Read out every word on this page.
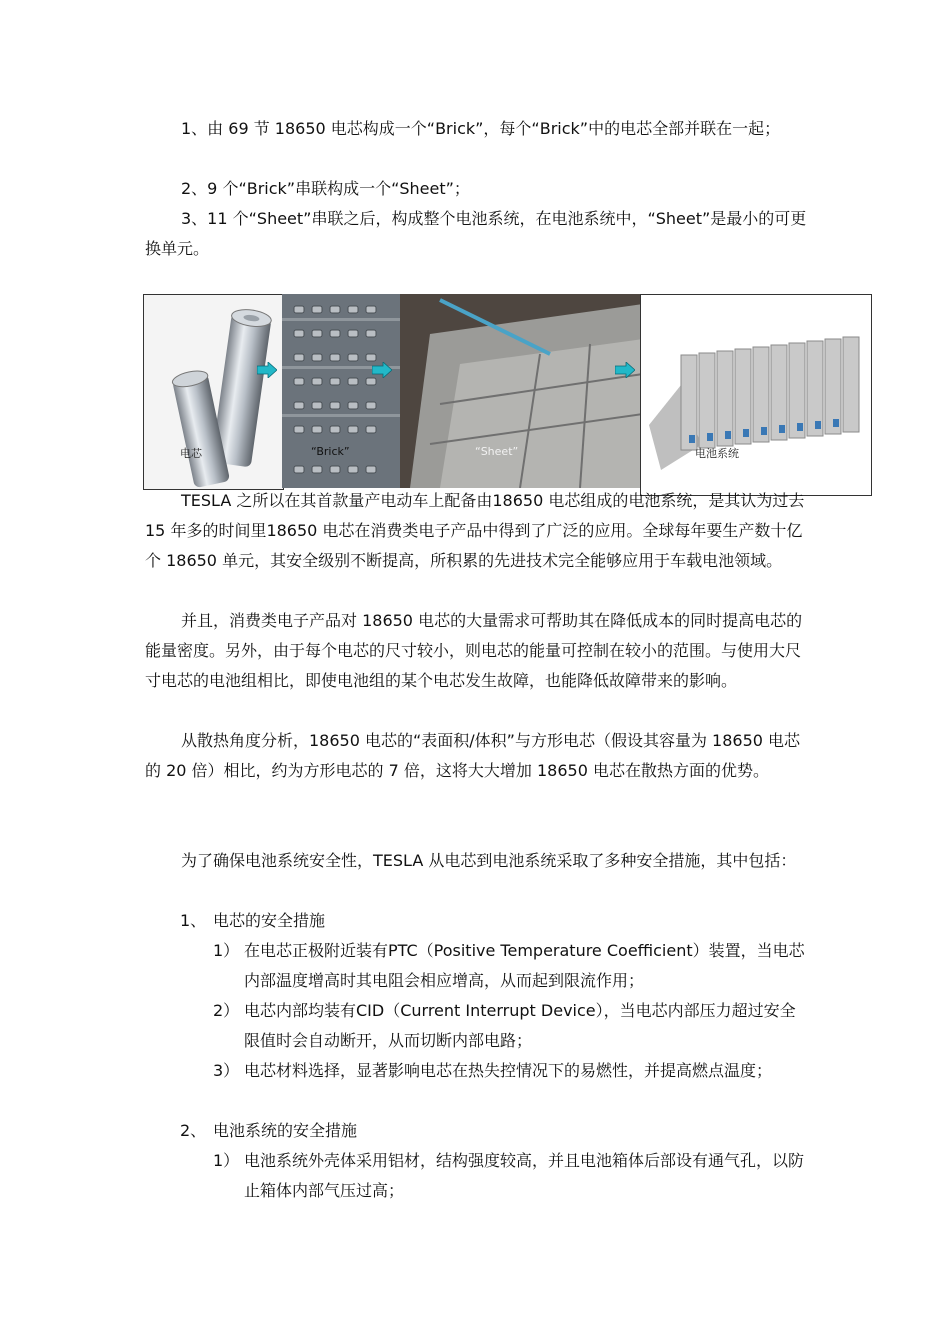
1、由 69 节 18650 电芯构成一个“Brick”，每个“Brick”中的电芯全部并联在一起；

2、9 个“Brick”串联构成一个“Sheet”；

3、11 个“Sheet”串联之后，构成整个电池系统，在电池系统中，“Sheet”是最小的可更换单元。

电芯	“Brick”	“Sheet”	电池系统

TESLA 之所以在其首款量产电动车上配备由18650 电芯组成的电池系统，是其认为过去15 年多的时间里18650 电芯在消费类电子产品中得到了广泛的应用。全球每年要生产数十亿个 18650 单元，其安全级别不断提高，所积累的先进技术完全能够应用于车载电池领域。

并且，消费类电子产品对 18650 电芯的大量需求可帮助其在降低成本的同时提高电芯的能量密度。另外，由于每个电芯的尺寸较小，则电芯的能量可控制在较小的范围。与使用大尺寸电芯的电池组相比，即使电池组的某个电芯发生故障，也能降低故障带来的影响。

从散热角度分析，18650 电芯的“表面积/体积”与方形电芯（假设其容量为 18650 电芯的 20 倍）相比，约为方形电芯的 7 倍，这将大大增加 18650 电芯在散热方面的优势。

为了确保电池系统安全性，TESLA 从电芯到电池系统采取了多种安全措施，其中包括：

1、 电芯的安全措施
1） 在电芯正极附近装有PTC（Positive Temperature Coefficient）装置，当电芯内部温度增高时其电阻会相应增高，从而起到限流作用；

2） 电芯内部均装有CID（Current Interrupt Device），当电芯内部压力超过安全限值时会自动断开，从而切断内部电路；

3） 电芯材料选择，显著影响电芯在热失控情况下的易燃性，并提高燃点温度；

2、 电池系统的安全措施
1） 电池系统外壳体采用铝材，结构强度较高，并且电池箱体后部设有通气孔，以防止箱体内部气压过高；
